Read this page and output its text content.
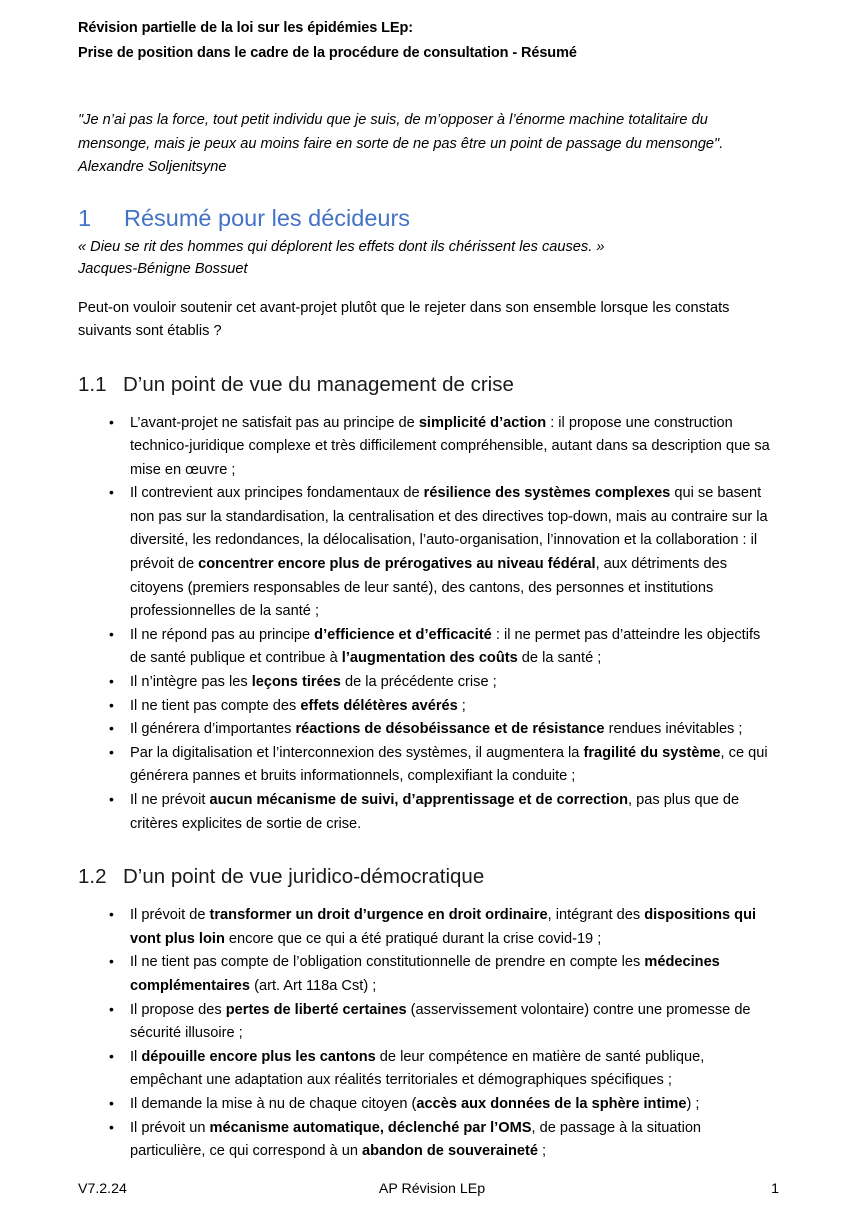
Révision partielle de la loi sur les épidémies LEp:
Prise de position dans le cadre de la procédure de consultation - Résumé
"Je n’ai pas la force, tout petit individu que je suis, de m’opposer à l’énorme machine totalitaire du mensonge, mais je peux au moins faire en sorte de ne pas être un point de passage du mensonge".
Alexandre Soljenitsyne
1	Résumé pour les décideurs
« Dieu se rit des hommes qui déplorent les effets dont ils chérissent les causes. »
Jacques-Bénigne Bossuet
Peut-on vouloir soutenir cet avant-projet plutôt que le rejeter dans son ensemble lorsque les constats suivants sont établis ?
1.1 D’un point de vue du management de crise
• L’avant-projet ne satisfait pas au principe de simplicité d’action : il propose une construction technico-juridique complexe et très difficilement compréhensible, autant dans sa description que sa mise en œuvre ;
• Il contrevient aux principes fondamentaux de résilience des systèmes complexes qui se basent non pas sur la standardisation, la centralisation et des directives top-down, mais au contraire sur la diversité, les redondances, la délocalisation, l’auto-organisation, l’innovation et la collaboration : il prévoit de concentrer encore plus de prérogatives au niveau fédéral, aux détriments des citoyens (premiers responsables de leur santé), des cantons, des personnes et institutions professionnelles de la santé ;
• Il ne répond pas au principe d’efficience et d’efficacité : il ne permet pas d’atteindre les objectifs de santé publique et contribue à l’augmentation des coûts de la santé ;
• Il n’intègre pas les leçons tirées de la précédente crise ;
• Il ne tient pas compte des effets délétères avérés ;
• Il générera d’importantes réactions de désobéissance et de résistance rendues inévitables ;
• Par la digitalisation et l’interconnexion des systèmes, il augmentera la fragilité du système, ce qui générera pannes et bruits informationnels, complexifiant la conduite ;
• Il ne prévoit aucun mécanisme de suivi, d’apprentissage et de correction, pas plus que de critères explicites de sortie de crise.
1.2 D’un point de vue juridico-démocratique
• Il prévoit de transformer un droit d’urgence en droit ordinaire, intégrant des dispositions qui vont plus loin encore que ce qui a été pratiqué durant la crise covid-19 ;
• Il ne tient pas compte de l’obligation constitutionnelle de prendre en compte les médecines complémentaires (art. Art 118a Cst) ;
• Il propose des pertes de liberté certaines (asservissement volontaire) contre une promesse de sécurité illusoire ;
• Il dépouille encore plus les cantons de leur compétence en matière de santé publique, empêchant une adaptation aux réalités territoriales et démographiques spécifiques ;
• Il demande la mise à nu de chaque citoyen (accès aux données de la sphère intime) ;
• Il prévoit un mécanisme automatique, déclenché par l’OMS, de passage à la situation particulière, ce qui correspond à un abandon de souveraineté ;
V7.2.24	AP Révision LEp	1
